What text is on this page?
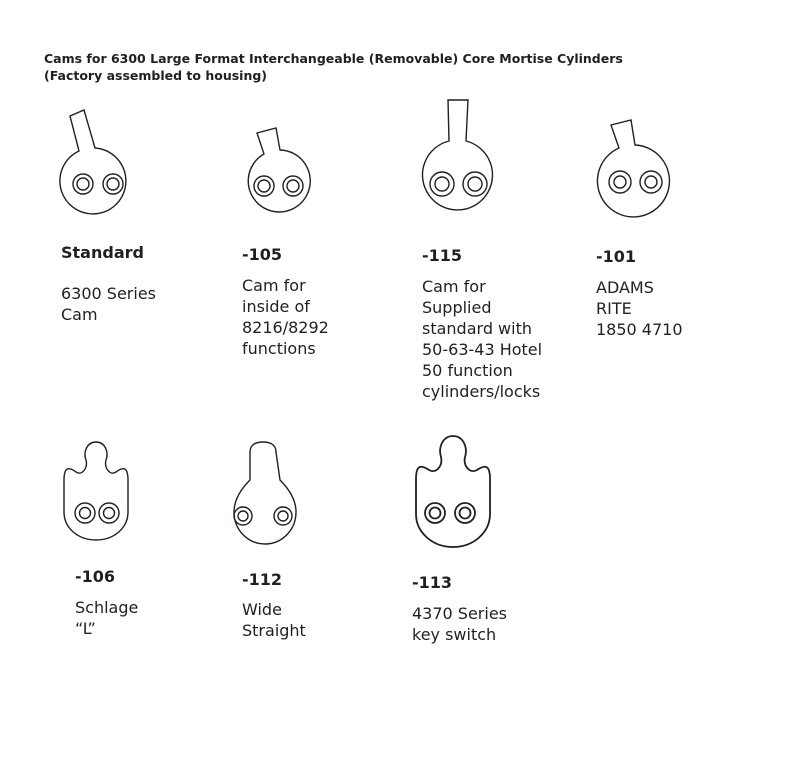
Cams for 6300 Large Format Interchangeable (Removable) Core Mortise Cylinders
(Factory assembled to housing)
Standard
6300 Series
Cam
-105
Cam for
inside of
8216/8292
functions
-115
Cam for
Supplied
standard with
50-63-43 Hotel
50 function
cylinders/locks
-101
ADAMS
RITE
1850 4710
-106
Schlage
“L”
-112
Wide
Straight
-113
4370 Series
key switch
